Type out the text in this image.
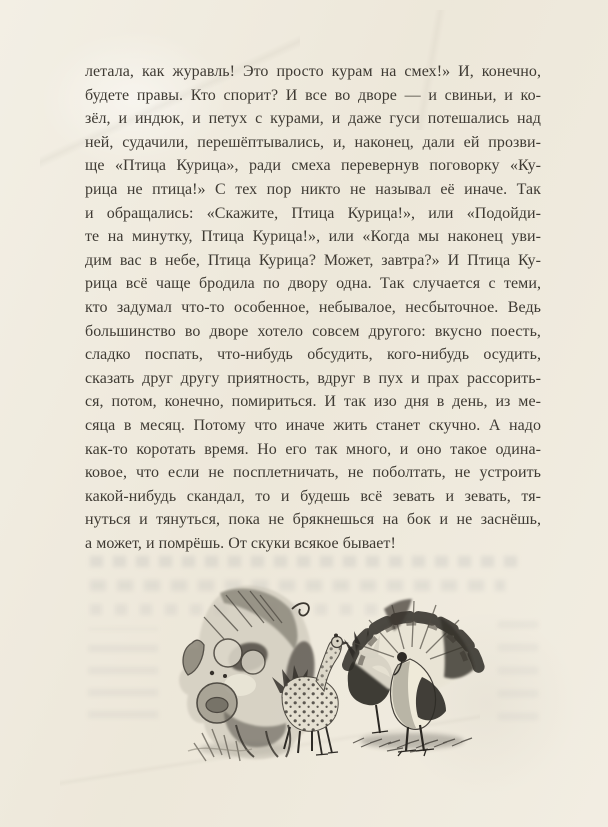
летала, как журавль! Это просто курам на смех!» И, конечно,
будете правы. Кто спорит? И все во дворе — и свиньи, и ко-
зёл, и индюк, и петух с курами, и даже гуси потешались над
ней, судачили, перешёптывались, и, наконец, дали ей прозви-
ще «Птица Курица», ради смеха перевернув поговорку «Ку-
рица не птица!» С тех пор никто не называл её иначе. Так
и обращались: «Скажите, Птица Курица!», или «Подойди-
те на минутку, Птица Курица!», или «Когда мы наконец уви-
дим вас в небе, Птица Курица? Может, завтра?» И Птица Ку-
рица всё чаще бродила по двору одна. Так случается с теми,
кто задумал что-то особенное, небывалое, несбыточное. Ведь
большинство во дворе хотело совсем другого: вкусно поесть,
сладко поспать, что-нибудь обсудить, кого-нибудь осудить,
сказать друг другу приятность, вдруг в пух и прах рассорить-
ся, потом, конечно, помириться. И так изо дня в день, из ме-
сяца в месяц. Потому что иначе жить станет скучно. А надо
как-то коротать время. Но его так много, и оно такое одина-
ковое, что если не посплетничать, не поболтать, не устроить
какой-нибудь скандал, то и будешь всё зевать и зевать, тя-
нуться и тянуться, пока не брякнешься на бок и не заснёшь,
а может, и помрёшь. От скуки всякое бывает!
